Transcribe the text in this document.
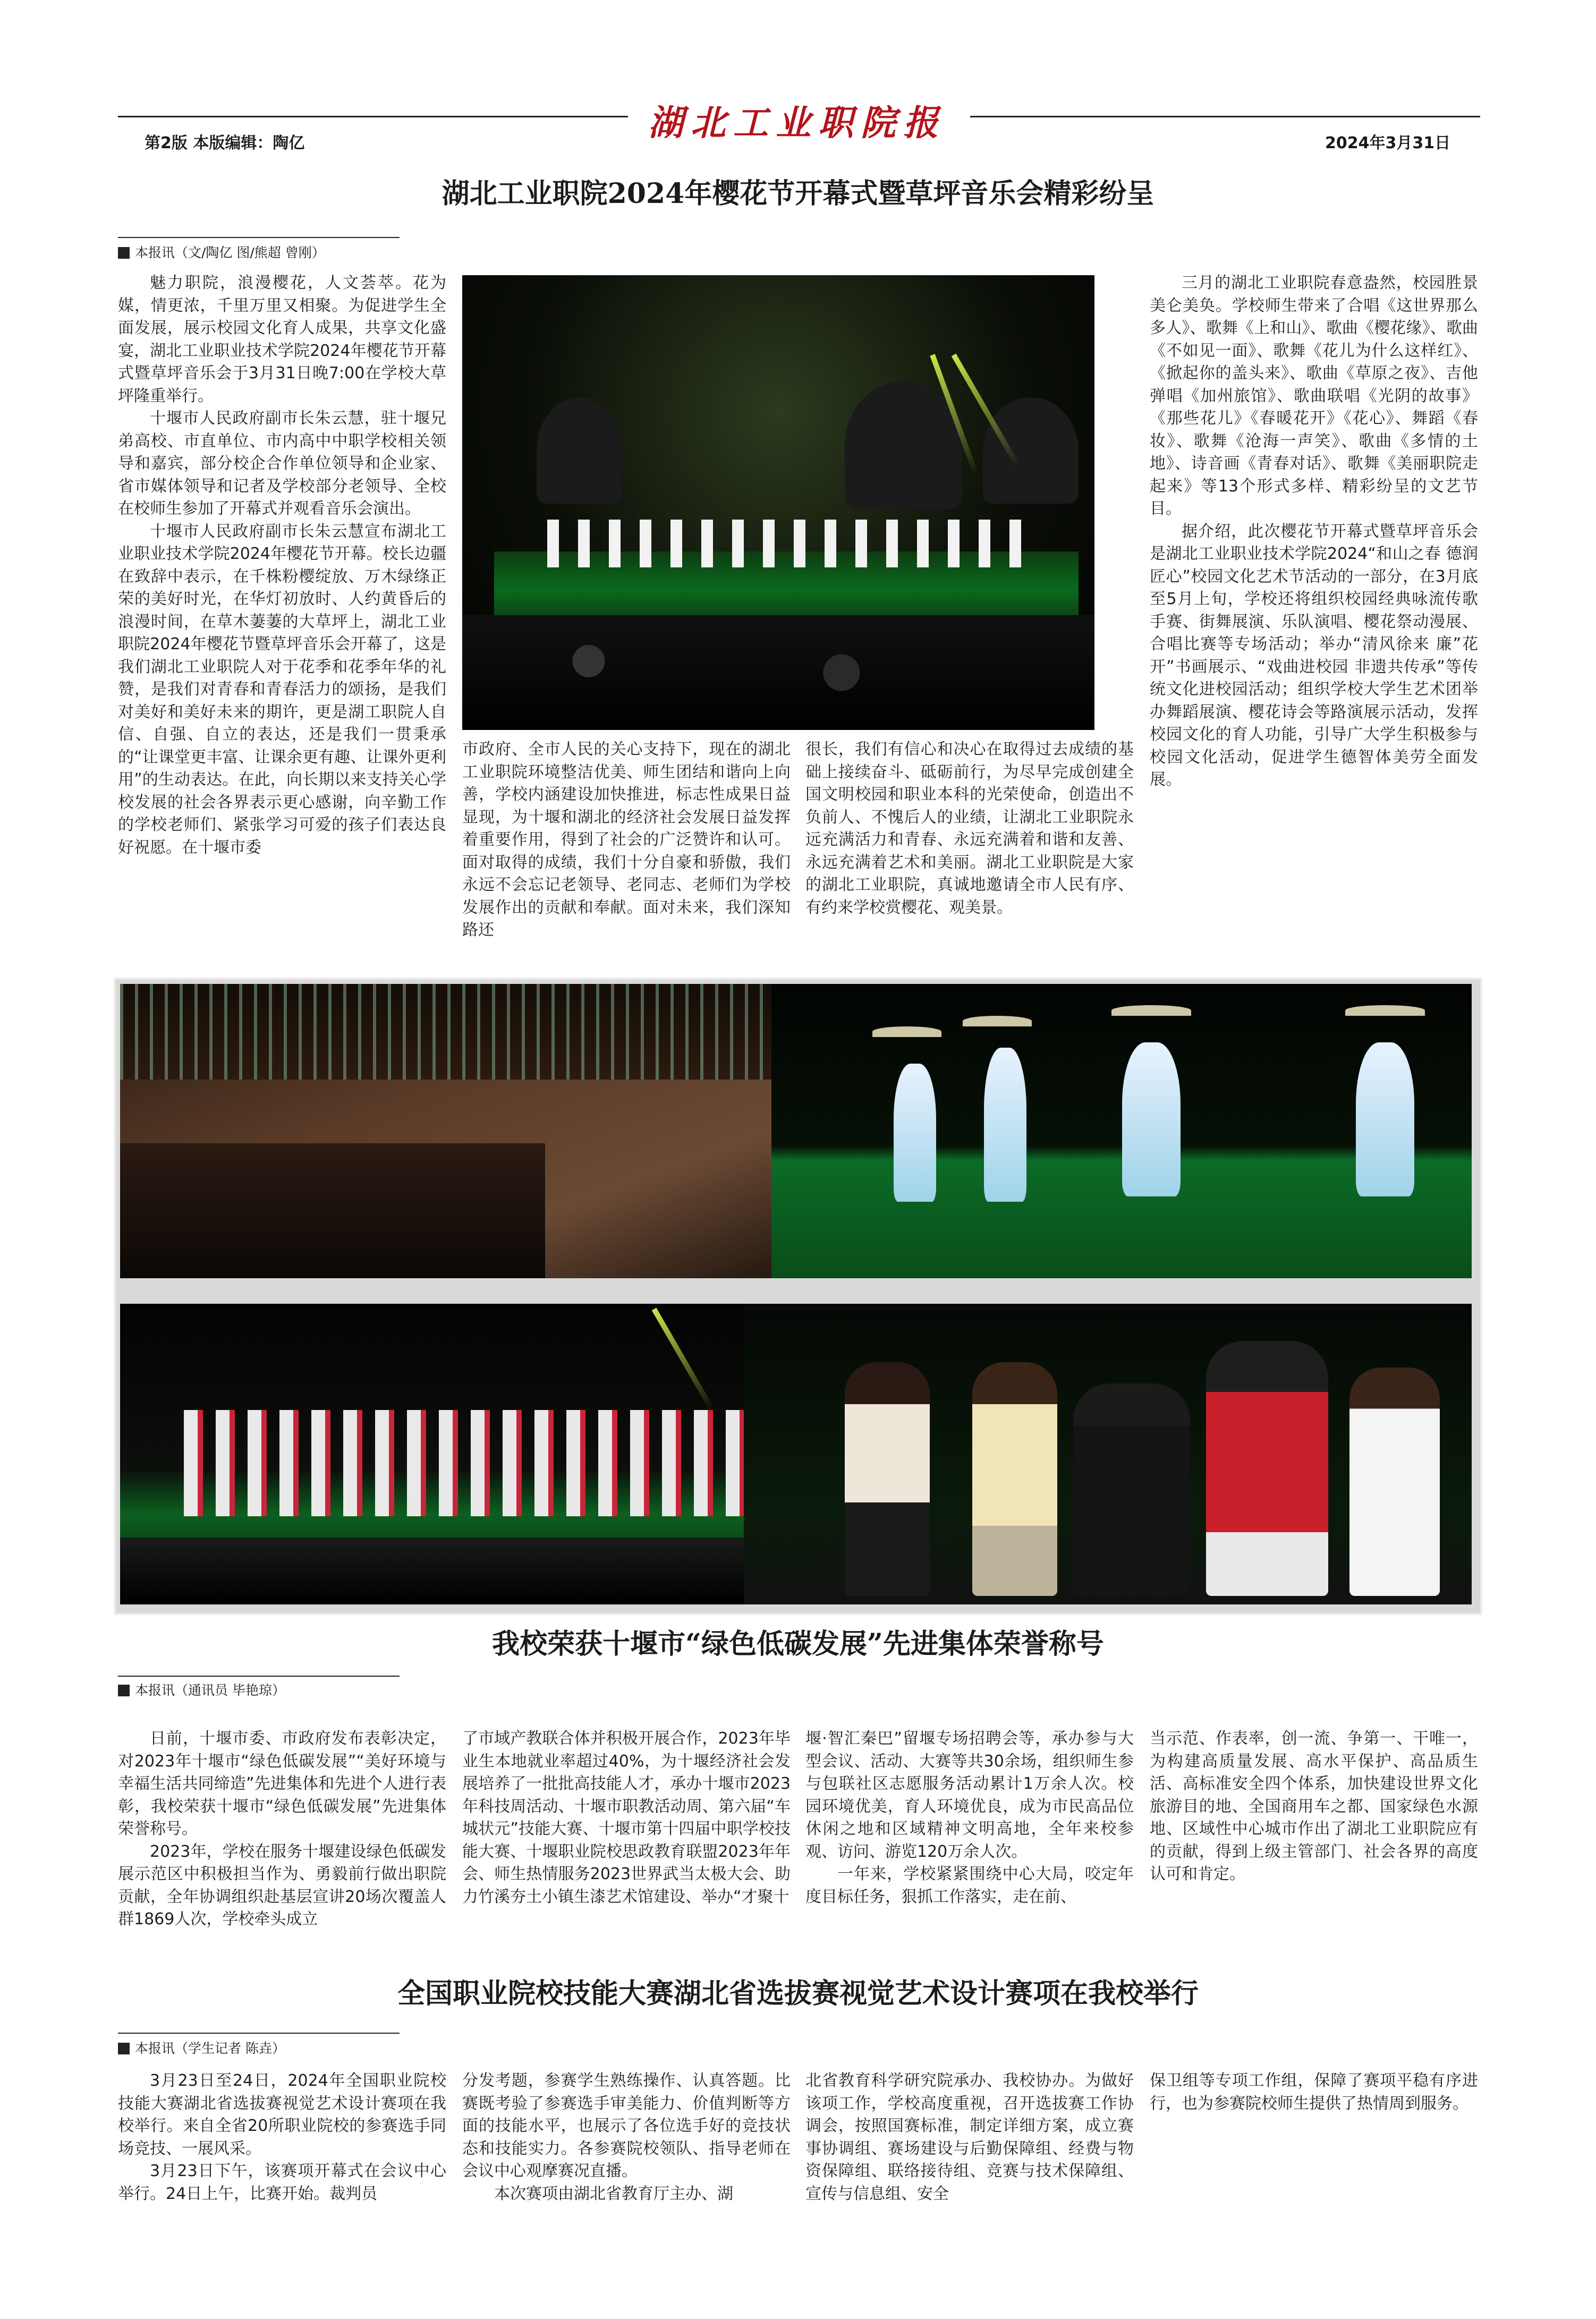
湖北工业职院报
第2版 本版编辑：陶亿	2024年3月31日
湖北工业职院2024年樱花节开幕式暨草坪音乐会精彩纷呈
本报讯（文/陶亿 图/熊超 曾刚）

魅力职院，浪漫樱花，人文荟萃。花为媒，情更浓，千里万里又相聚。为促进学生全面发展，展示校园文化育人成果，共享文化盛宴，湖北工业职业技术学院2024年樱花节开幕式暨草坪音乐会于3月31日晚7:00在学校大草坪隆重举行。

十堰市人民政府副市长朱云慧，驻十堰兄弟高校、市直单位、市内高中中职学校相关领导和嘉宾，部分校企合作单位领导和企业家、省市媒体领导和记者及学校部分老领导、全校在校师生参加了开幕式并观看音乐会演出。

十堰市人民政府副市长朱云慧宣布湖北工业职业技术学院2024年樱花节开幕。校长边疆在致辞中表示，在千株粉樱绽放、万木绿绦正荣的美好时光，在华灯初放时、人约黄昏后的浪漫时间，在草木萋萋的大草坪上，湖北工业职院2024年樱花节暨草坪音乐会开幕了，这是我们湖北工业职院人对于花季和花季年华的礼赞，是我们对青春和青春活力的颂扬，是我们对美好和美好未来的期许，更是湖工职院人自信、自强、自立的表达，还是我们一贯秉承的“让课堂更丰富、让课余更有趣、让课外更利用”的生动表达。在此，向长期以来支持关心学校发展的社会各界表示更心感谢，向辛勤工作的学校老师们、紧张学习可爱的孩子们表达良好祝愿。在十堰市委

市政府、全市人民的关心支持下，现在的湖北工业职院环境整洁优美、师生团结和谐向上向善，学校内涵建设加快推进，标志性成果日益显现，为十堰和湖北的经济社会发展日益发挥着重要作用，得到了社会的广泛赞许和认可。面对取得的成绩，我们十分自豪和骄傲，我们永远不会忘记老领导、老同志、老师们为学校发展作出的贡献和奉献。面对未来，我们深知路还

很长，我们有信心和决心在取得过去成绩的基础上接续奋斗、砥砺前行，为尽早完成创建全国文明校园和职业本科的光荣使命，创造出不负前人、不愧后人的业绩，让湖北工业职院永远充满活力和青春、永远充满着和谐和友善、永远充满着艺术和美丽。湖北工业职院是大家的湖北工业职院，真诚地邀请全市人民有序、有约来学校赏樱花、观美景。

三月的湖北工业职院春意盎然，校园胜景美仑美奂。学校师生带来了合唱《这世界那么多人》、歌舞《上和山》、歌曲《樱花缘》、歌曲《不如见一面》、歌舞《花儿为什么这样红》、《掀起你的盖头来》、歌曲《草原之夜》、吉他弹唱《加州旅馆》、歌曲联唱《光阴的故事》《那些花儿》《春暖花开》《花心》、舞蹈《春妆》、歌舞《沧海一声笑》、歌曲《多情的土地》、诗音画《青春对话》、歌舞《美丽职院走起来》等13个形式多样、精彩纷呈的文艺节目。

据介绍，此次樱花节开幕式暨草坪音乐会是湖北工业职业技术学院2024“和山之春 德润匠心”校园文化艺术节活动的一部分，在3月底至5月上旬，学校还将组织校园经典咏流传歌手赛、街舞展演、乐队演唱、樱花祭动漫展、合唱比赛等专场活动；举办“清风徐来 廉”花开”书画展示、“戏曲进校园 非遗共传承”等传统文化进校园活动；组织学校大学生艺术团举办舞蹈展演、樱花诗会等路演展示活动，发挥校园文化的育人功能，引导广大学生积极参与校园文化活动，促进学生德智体美劳全面发展。

我校荣获十堰市“绿色低碳发展”先进集体荣誉称号
本报讯（通讯员 毕艳琼）

日前，十堰市委、市政府发布表彰决定，对2023年十堰市“绿色低碳发展”“美好环境与幸福生活共同缔造”先进集体和先进个人进行表彰，我校荣获十堰市“绿色低碳发展”先进集体荣誉称号。

2023年，学校在服务十堰建设绿色低碳发展示范区中积极担当作为、勇毅前行做出职院贡献，全年协调组织赴基层宣讲20场次覆盖人群1869人次，学校牵头成立

了市域产教联合体并积极开展合作，2023年毕业生本地就业率超过40%，为十堰经济社会发展培养了一批批高技能人才，承办十堰市2023年科技周活动、十堰市职教活动周、第六届“车城状元”技能大赛、十堰市第十四届中职学校技能大赛、十堰职业院校思政教育联盟2023年年会、师生热情服务2023世界武当太极大会、助力竹溪夯土小镇生漆艺术馆建设、举办“才聚十

堰·智汇秦巴”留堰专场招聘会等，承办参与大型会议、活动、大赛等共30余场，组织师生参与包联社区志愿服务活动累计1万余人次。校园环境优美，育人环境优良，成为市民高品位休闲之地和区域精神文明高地，全年来校参观、访问、游览120万余人次。

一年来，学校紧紧围绕中心大局，咬定年度目标任务，狠抓工作落实，走在前、

当示范、作表率，创一流、争第一、干唯一，为构建高质量发展、高水平保护、高品质生活、高标准安全四个体系，加快建设世界文化旅游目的地、全国商用车之都、国家绿色水源地、区域性中心城市作出了湖北工业职院应有的贡献，得到上级主管部门、社会各界的高度认可和肯定。

全国职业院校技能大赛湖北省选拔赛视觉艺术设计赛项在我校举行
本报讯（学生记者 陈垚）

3月23日至24日，2024年全国职业院校技能大赛湖北省选拔赛视觉艺术设计赛项在我校举行。来自全省20所职业院校的参赛选手同场竞技、一展风采。

3月23日下午，该赛项开幕式在会议中心举行。24日上午，比赛开始。裁判员

分发考题，参赛学生熟练操作、认真答题。比赛既考验了参赛选手审美能力、价值判断等方面的技能水平，也展示了各位选手好的竞技状态和技能实力。各参赛院校领队、指导老师在会议中心观摩赛况直播。

本次赛项由湖北省教育厅主办、湖

北省教育科学研究院承办、我校协办。为做好该项工作，学校高度重视，召开选拔赛工作协调会，按照国赛标准，制定详细方案，成立赛事协调组、赛场建设与后勤保障组、经费与物资保障组、联络接待组、竞赛与技术保障组、宣传与信息组、安全

保卫组等专项工作组，保障了赛项平稳有序进行，也为参赛院校师生提供了热情周到服务。
